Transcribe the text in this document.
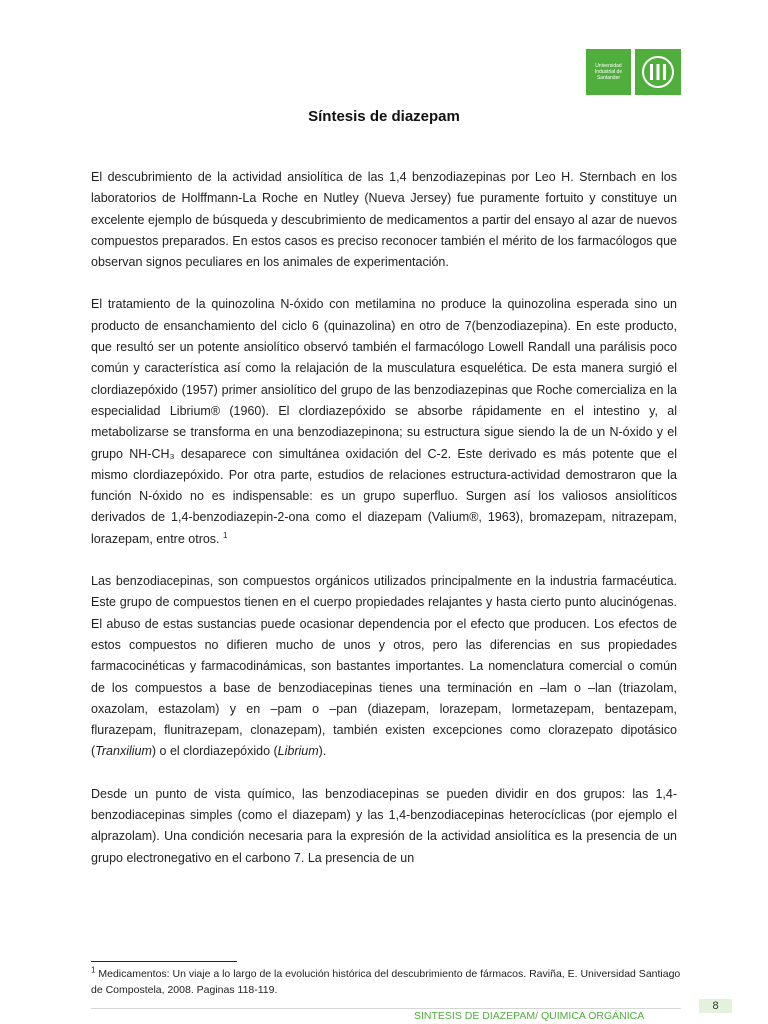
Universidad
Industrial de
Santander
Síntesis de diazepam

El descubrimiento de la actividad ansiolítica de las 1,4 benzodiazepinas por Leo H. Sternbach en los laboratorios de Holffmann-La Roche en Nutley (Nueva Jersey) fue puramente fortuito y constituye un excelente ejemplo de búsqueda y descubrimiento de medicamentos a partir del ensayo al azar de nuevos compuestos preparados. En estos casos es preciso reconocer también el mérito de los farmacólogos que observan signos peculiares en los animales de experimentación.

El tratamiento de la quinozolina N-óxido con metilamina no produce la quinozolina esperada sino un producto de ensanchamiento del ciclo 6 (quinazolina) en otro de 7(benzodiazepina). En este producto, que resultó ser un potente ansiolítico observó también el farmacólogo Lowell Randall una parálisis poco común y característica así como la relajación de la musculatura esquelética. De esta manera surgió el clordiazepóxido (1957) primer ansiolítico del grupo de las benzodiazepinas que Roche comercializa en la especialidad Librium® (1960). El clordiazepóxido se absorbe rápidamente en el intestino y, al metabolizarse se transforma en una benzodiazepinona; su estructura sigue siendo la de un N-óxido y el grupo NH-CH₃ desaparece con simultánea oxidación del C-2. Este derivado es más potente que el mismo clordiazepóxido. Por otra parte, estudios de relaciones estructura-actividad demostraron que la función N-óxido no es indispensable: es un grupo superfluo. Surgen así los valiosos ansiolíticos derivados de 1,4-benzodiazepin-2-ona como el diazepam (Valium®, 1963), bromazepam, nitrazepam, lorazepam, entre otros. $^1$

Las benzodiacepinas, son compuestos orgánicos utilizados principalmente en la industria farmacéutica. Este grupo de compuestos tienen en el cuerpo propiedades relajantes y hasta cierto punto alucinógenas. El abuso de estas sustancias puede ocasionar dependencia por el efecto que producen. Los efectos de estos compuestos no difieren mucho de unos y otros, pero las diferencias en sus propiedades farmacocinéticas y farmacodinámicas, son bastantes importantes. La nomenclatura comercial o común de los compuestos a base de benzodiacepinas tienes una terminación en –lam o –lan (triazolam, oxazolam, estazolam) y en –pam o –pan (diazepam, lorazepam, lormetazepam, bentazepam, flurazepam, flunitrazepam, clonazepam), también existen excepciones como clorazepato dipotásico (Tranxilium) o el clordiazepóxido (Librium).

Desde un punto de vista químico, las benzodiacepinas se pueden dividir en dos grupos: las 1,4-benzodiacepinas simples (como el diazepam) y las 1,4-benzodiacepinas heterocíclicas (por ejemplo el alprazolam). Una condición necesaria para la expresión de la actividad ansiolítica es la presencia de un grupo electronegativo en el carbono 7. La presencia de un

$^1$ Medicamentos: Un viaje a lo largo de la evolución histórica del descubrimiento de fármacos. Raviña, E. Universidad Santiago de Compostela, 2008. Paginas 118-119.
SINTESIS DE DIAZEPAM/ QUIMICA ORGÁNICA
8
